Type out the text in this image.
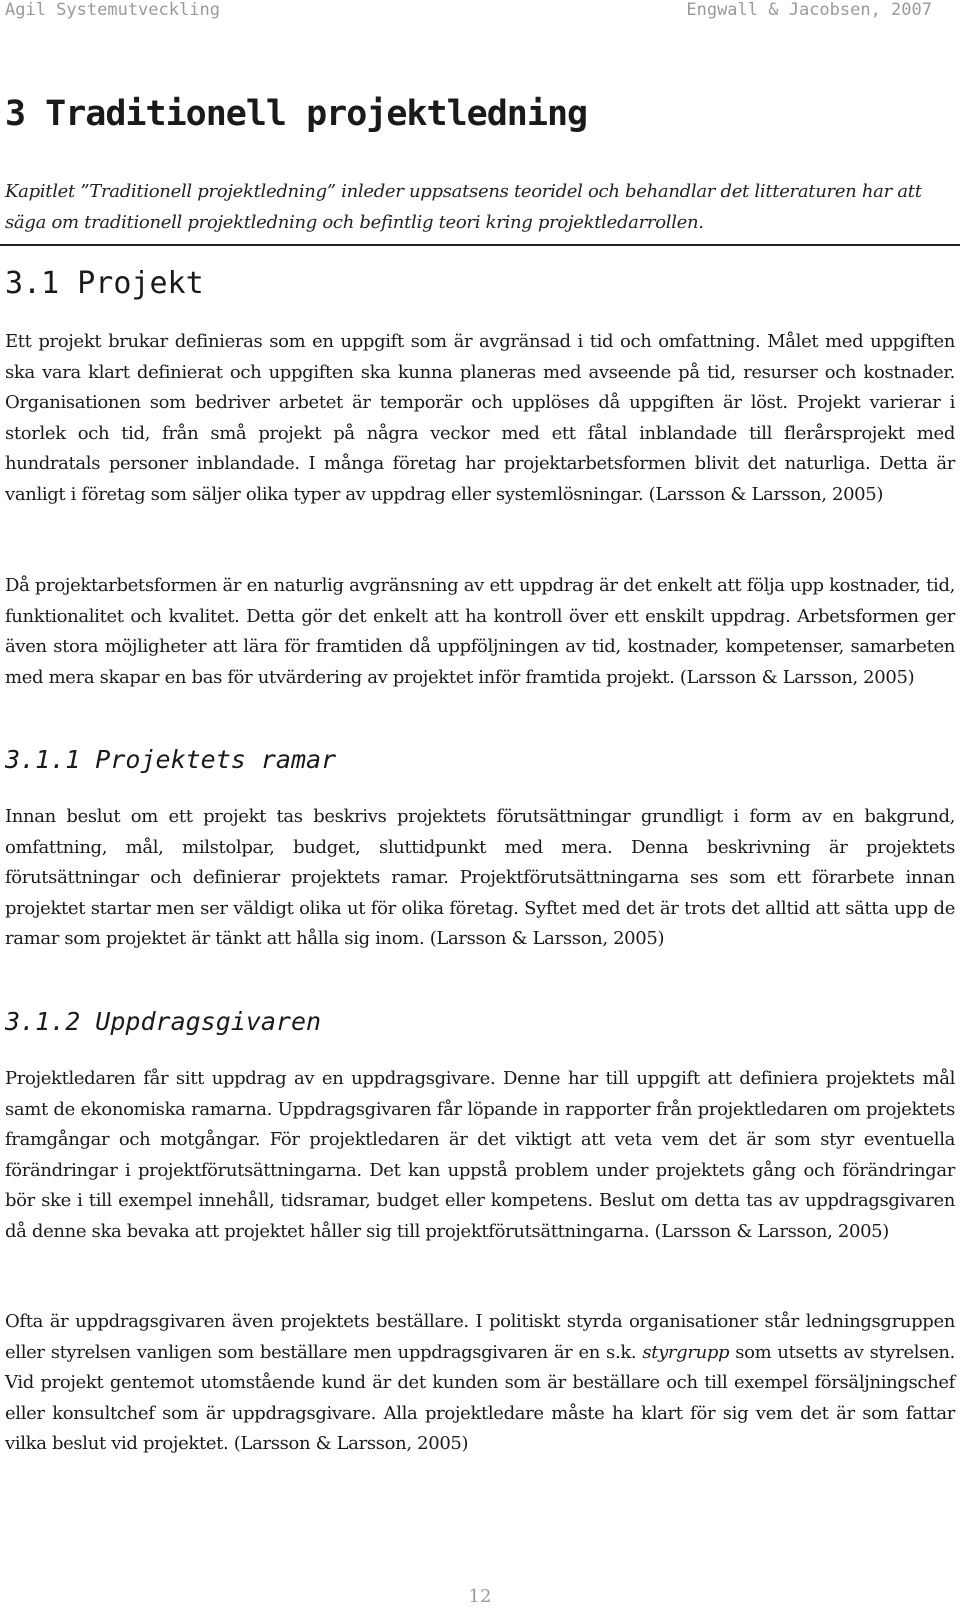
Agil Systemutveckling	Engwall & Jacobsen, 2007
3 Traditionell projektledning

Kapitlet ”Traditionell projektledning” inleder uppsatsens teoridel och behandlar det litteraturen har att säga om traditionell projektledning och befintlig teori kring projektledarrollen.

3.1 Projekt

Ett projekt brukar definieras som en uppgift som är avgränsad i tid och omfattning. Målet med uppgiften ska vara klart definierat och uppgiften ska kunna planeras med avseende på tid, resurser och kostnader. Organisationen som bedriver arbetet är temporär och upplöses då uppgiften är löst. Projekt varierar i storlek och tid, från små projekt på några veckor med ett fåtal inblandade till flerårsprojekt med hundratals personer inblandade. I många företag har projektarbetsformen blivit det naturliga. Detta är vanligt i företag som säljer olika typer av uppdrag eller systemlösningar. (Larsson & Larsson, 2005)

Då projektarbetsformen är en naturlig avgränsning av ett uppdrag är det enkelt att följa upp kostnader, tid, funktionalitet och kvalitet. Detta gör det enkelt att ha kontroll över ett enskilt uppdrag. Arbetsformen ger även stora möjligheter att lära för framtiden då uppföljningen av tid, kostnader, kompetenser, samarbeten med mera skapar en bas för utvärdering av projektet inför framtida projekt. (Larsson & Larsson, 2005)

3.1.1 Projektets ramar

Innan beslut om ett projekt tas beskrivs projektets förutsättningar grundligt i form av en bakgrund, omfattning, mål, milstolpar, budget, sluttidpunkt med mera. Denna beskrivning är projektets förutsättningar och definierar projektets ramar. Projektförutsättningarna ses som ett förarbete innan projektet startar men ser väldigt olika ut för olika företag. Syftet med det är trots det alltid att sätta upp de ramar som projektet är tänkt att hålla sig inom. (Larsson & Larsson, 2005)

3.1.2 Uppdragsgivaren

Projektledaren får sitt uppdrag av en uppdragsgivare. Denne har till uppgift att definiera projektets mål samt de ekonomiska ramarna. Uppdragsgivaren får löpande in rapporter från projektledaren om projektets framgångar och motgångar. För projektledaren är det viktigt att veta vem det är som styr eventuella förändringar i projektförutsättningarna. Det kan uppstå problem under projektets gång och förändringar bör ske i till exempel innehåll, tidsramar, budget eller kompetens. Beslut om detta tas av uppdragsgivaren då denne ska bevaka att projektet håller sig till projektförutsättningarna. (Larsson & Larsson, 2005)

Ofta är uppdragsgivaren även projektets beställare. I politiskt styrda organisationer står ledningsgruppen eller styrelsen vanligen som beställare men uppdragsgivaren är en s.k. styrgrupp som utsetts av styrelsen. Vid projekt gentemot utomstående kund är det kunden som är beställare och till exempel försäljningschef eller konsultchef som är uppdragsgivare. Alla projektledare måste ha klart för sig vem det är som fattar vilka beslut vid projektet. (Larsson & Larsson, 2005)

12
